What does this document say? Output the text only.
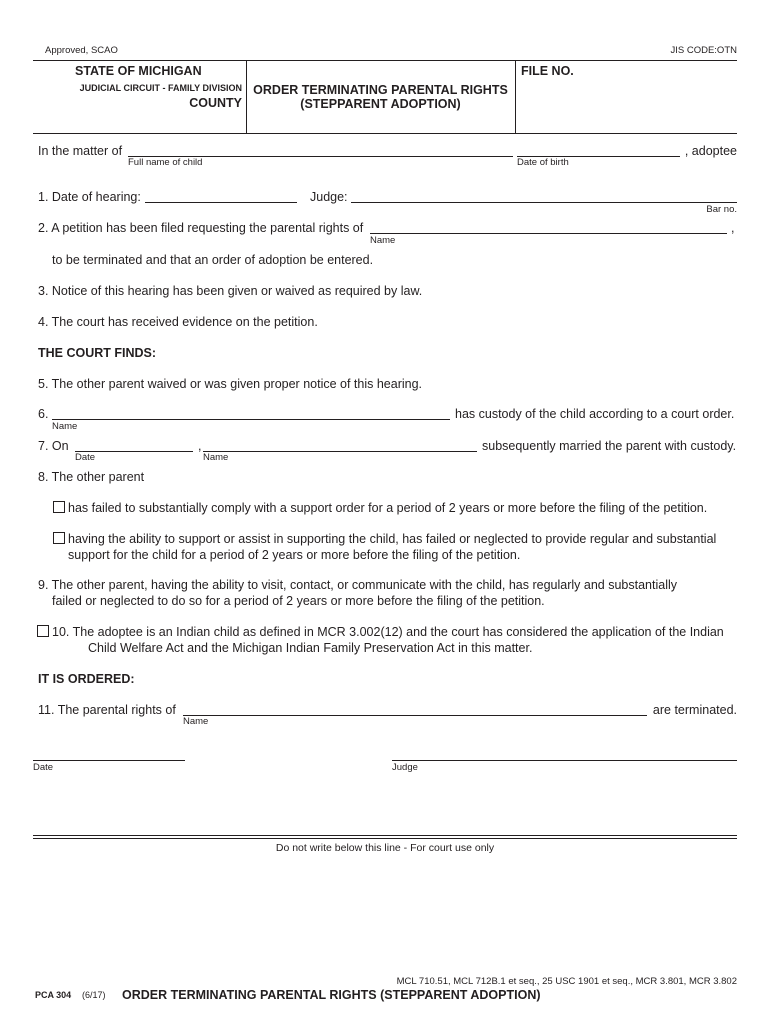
Approved, SCAO	JIS CODE:OTN
STATE OF MICHIGAN
JUDICIAL CIRCUIT - FAMILY DIVISION
COUNTY
ORDER TERMINATING PARENTAL RIGHTS
(STEPPARENT ADOPTION)
FILE NO.
In the matter of	, adoptee
Full name of child	Date of birth
1. Date of hearing:	Judge:
Bar no.
2. A petition has been filed requesting the parental rights of	,
Name
to be terminated and that an order of adoption be entered.
3. Notice of this hearing has been given or waived as required by law.
4. The court has received evidence on the petition.
THE COURT FINDS:
5. The other parent waived or was given proper notice of this hearing.
6.	has custody of the child according to a court order.
Name
7. On	,	subsequently married the parent with custody.
Date	Name
8. The other parent
has failed to substantially comply with a support order for a period of 2 years or more before the filing of the petition.
having the ability to support or assist in supporting the child, has failed or neglected to provide regular and substantial
support for the child for a period of 2 years or more before the filing of the petition.
9. The other parent, having the ability to visit, contact, or communicate with the child, has regularly and substantially
failed or neglected to do so for a period of 2 years or more before the filing of the petition.
10. The adoptee is an Indian child as defined in MCR 3.002(12) and the court has considered the application of the Indian
Child Welfare Act and the Michigan Indian Family Preservation Act in this matter.
IT IS ORDERED:
11. The parental rights of	are terminated.
Name
Date	Judge
Do not write below this line - For court use only
MCL 710.51, MCL 712B.1 et seq., 25 USC 1901 et seq., MCR 3.801, MCR 3.802
PCA 304 (6/17) ORDER TERMINATING PARENTAL RIGHTS (STEPPARENT ADOPTION)
